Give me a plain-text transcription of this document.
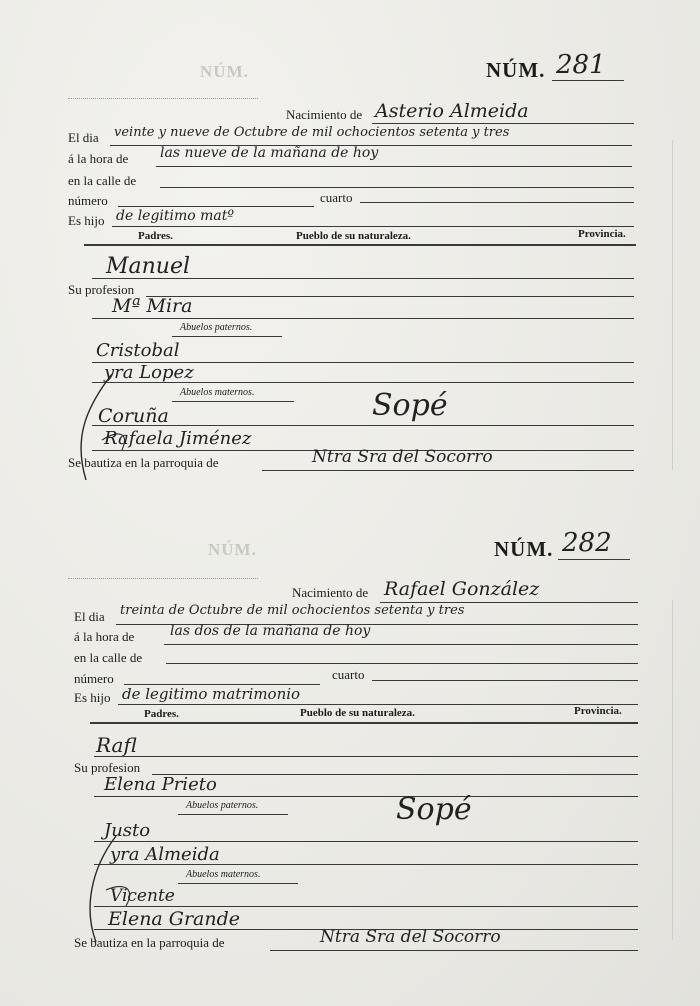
NÚM.
NÚM.
NÚM. 281
Nacimiento de Asterio Almeida
El dia veinte y nueve de Octubre de mil ochocientos setenta y tres
á la hora de las nueve de la mañana de hoy
en la calle de
número	cuarto
Es hijo de legitimo matº
Padres.	Pueblo de su naturaleza.	Provincia.
Manuel
Su profesion
Mª Mira
Abuelos paternos.
Cristobal
yra Lopez
Abuelos maternos.
Coruña	Sopé
Rafaela Jiménez
Se bautiza en la parroquia de	Ntra Sra del Socorro
NÚM. 282
Nacimiento de Rafael González
El dia treinta de Octubre de mil ochocientos setenta y tres
á la hora de	las dos de la mañana de hoy
en la calle de
número	cuarto
Es hijo de legitimo matrimonio
Padres.	Pueblo de su naturaleza.	Provincia.
Rafl
Su profesion
Elena Prieto
Abuelos paternos.	Sopé
Justo
yra Almeida
Abuelos maternos.
Vicente
Elena Grande
Se bautiza en la parroquia de	Ntra Sra del Socorro
